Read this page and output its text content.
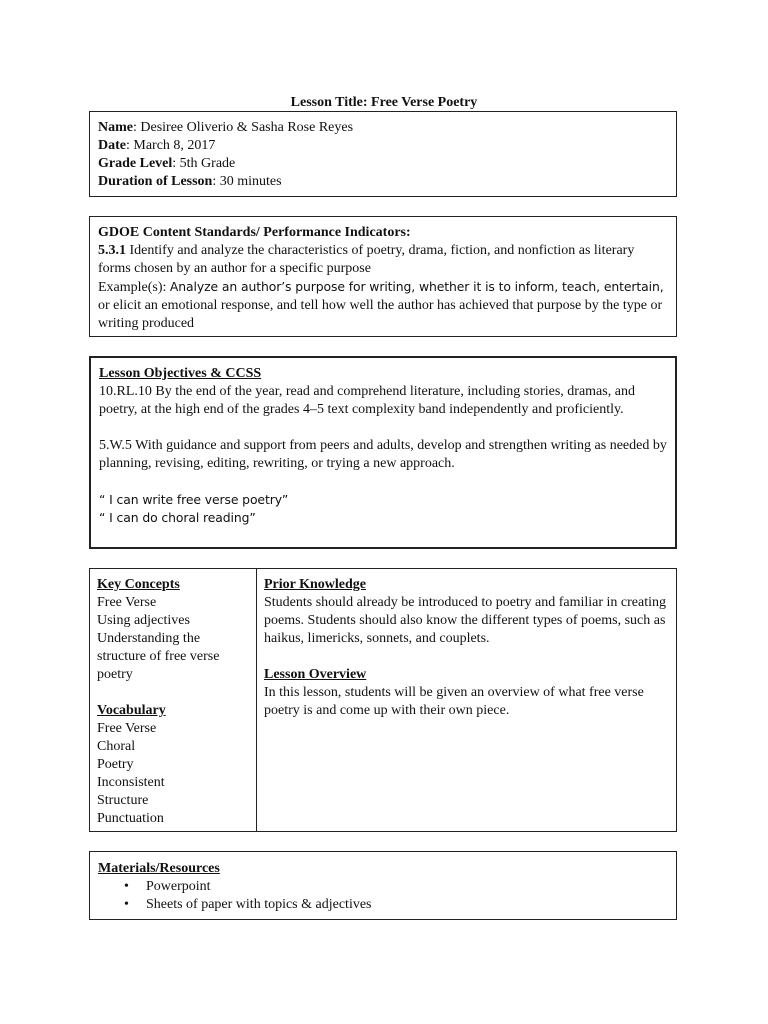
Lesson Title: Free Verse Poetry
Name: Desiree Oliverio & Sasha Rose Reyes
Date: March 8, 2017
Grade Level: 5th Grade
Duration of Lesson: 30 minutes
GDOE Content Standards/ Performance Indicators:
5.3.1 Identify and analyze the characteristics of poetry, drama, fiction, and nonfiction as literary forms chosen by an author for a specific purpose
Example(s): Analyze an author’s purpose for writing, whether it is to inform, teach, entertain,
or elicit an emotional response, and tell how well the author has achieved that purpose by the type or writing produced
Lesson Objectives & CCSS
10.RL.10 By the end of the year, read and comprehend literature, including stories, dramas, and poetry, at the high end of the grades 4–5 text complexity band independently and proficiently.
5.W.5 With guidance and support from peers and adults, develop and strengthen writing as needed by planning, revising, editing, rewriting, or trying a new approach.
“ I can write free verse poetry”
“ I can do choral reading”
Key Concepts
Free Verse
Using adjectives
Understanding the structure of free verse poetry
Vocabulary
Free Verse
Choral
Poetry
Inconsistent
Structure
Punctuation
Prior Knowledge
Students should already be introduced to poetry and familiar in creating poems. Students should also know the different types of poems, such as haikus, limericks, sonnets, and couplets.
Lesson Overview
In this lesson, students will be given an overview of what free verse poetry is and come up with their own piece.
Materials/Resources
• Powerpoint
• Sheets of paper with topics & adjectives
